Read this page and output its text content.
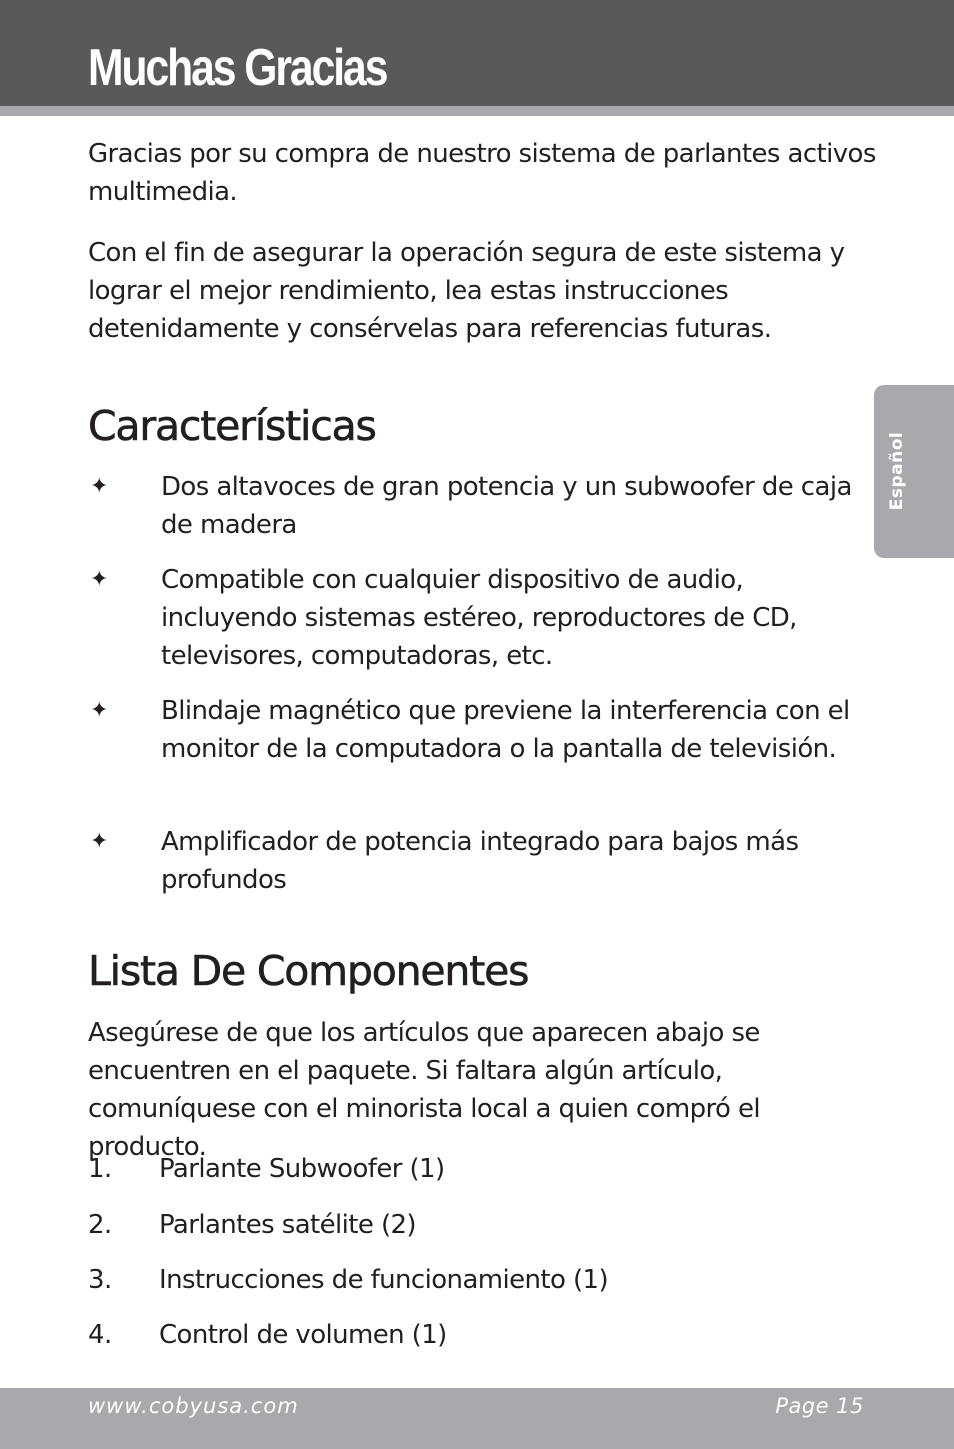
Muchas Gracias

Gracias por su compra de nuestro sistema de parlantes activos multimedia.

Con el fin de asegurar la operación segura de este sistema y lograr el mejor rendimiento, lea estas instrucciones detenidamente y consérvelas para referencias futuras.

Características
✦	Dos altavoces de gran potencia y un subwoofer de caja de madera
✦	Compatible con cualquier dispositivo de audio, incluyendo sistemas estéreo, reproductores de CD, televisores, computadoras, etc.
✦	Blindaje magnético que previene la interferencia con el monitor de la computadora o la pantalla de televisión.
✦	Amplificador de potencia integrado para bajos más profundos
Lista De Componentes

Asegúrese de que los artículos que aparecen abajo se encuentren en el paquete. Si faltara algún artículo, comuníquese con el minorista local a quien compró el producto.

1.	Parlante Subwoofer (1)
2.	Parlantes satélite (2)
3.	Instrucciones de funcionamiento (1)
4.	Control de volumen (1)
Español
www.cobyusa.com	Page 15
